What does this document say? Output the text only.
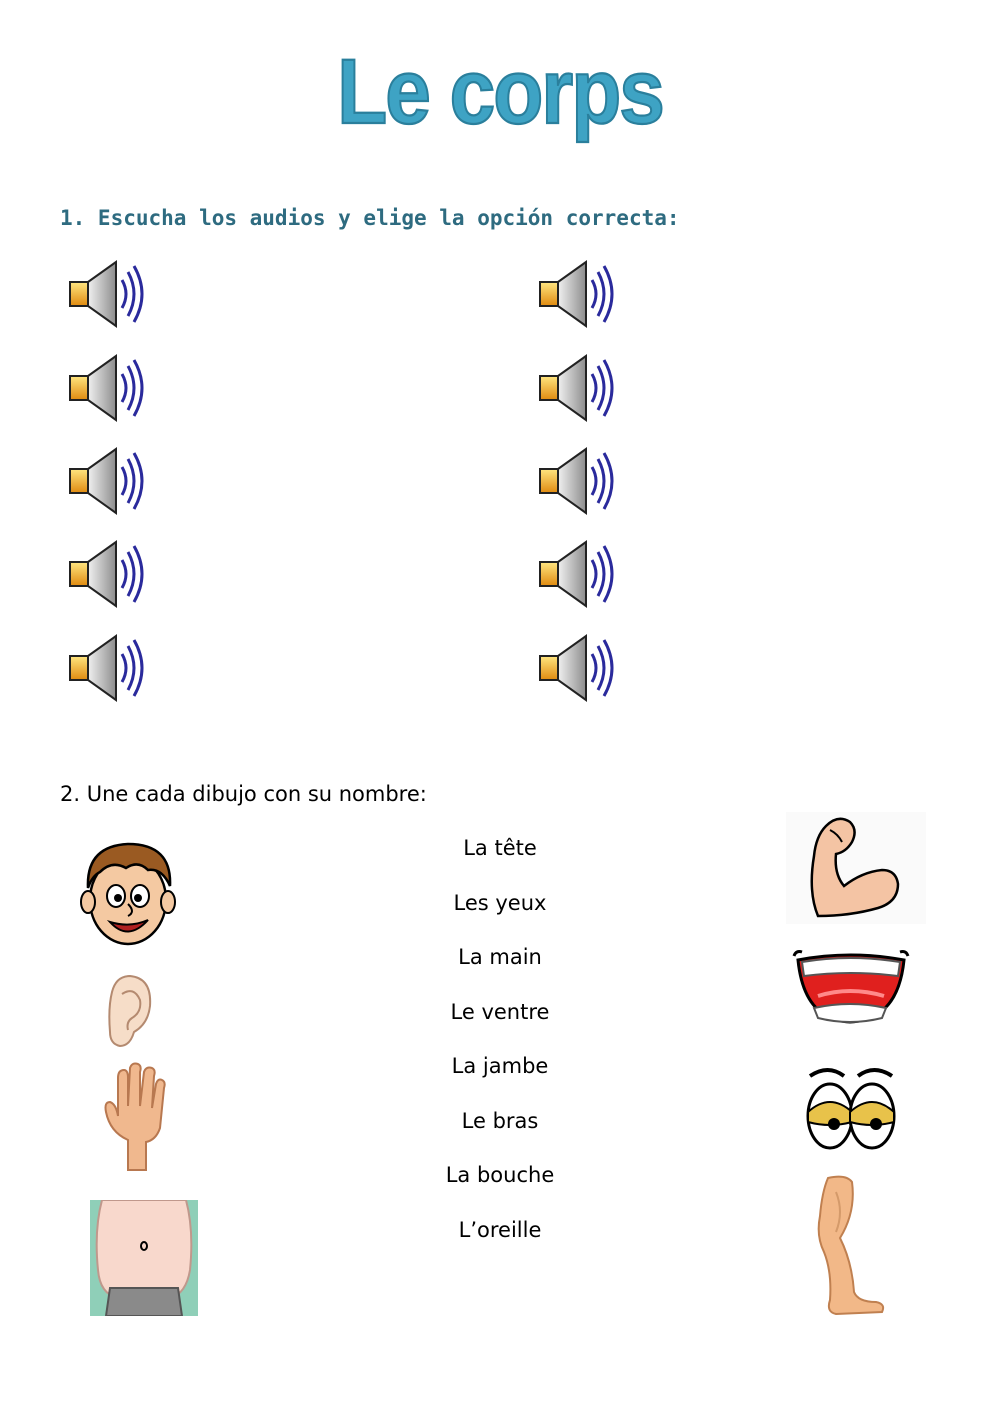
Le corps
1. Escucha los audios y elige la opción correcta:
2. Une cada dibujo con su nombre:
La tête
Les yeux
La main
Le ventre
La jambe
Le bras
La bouche
L’oreille
